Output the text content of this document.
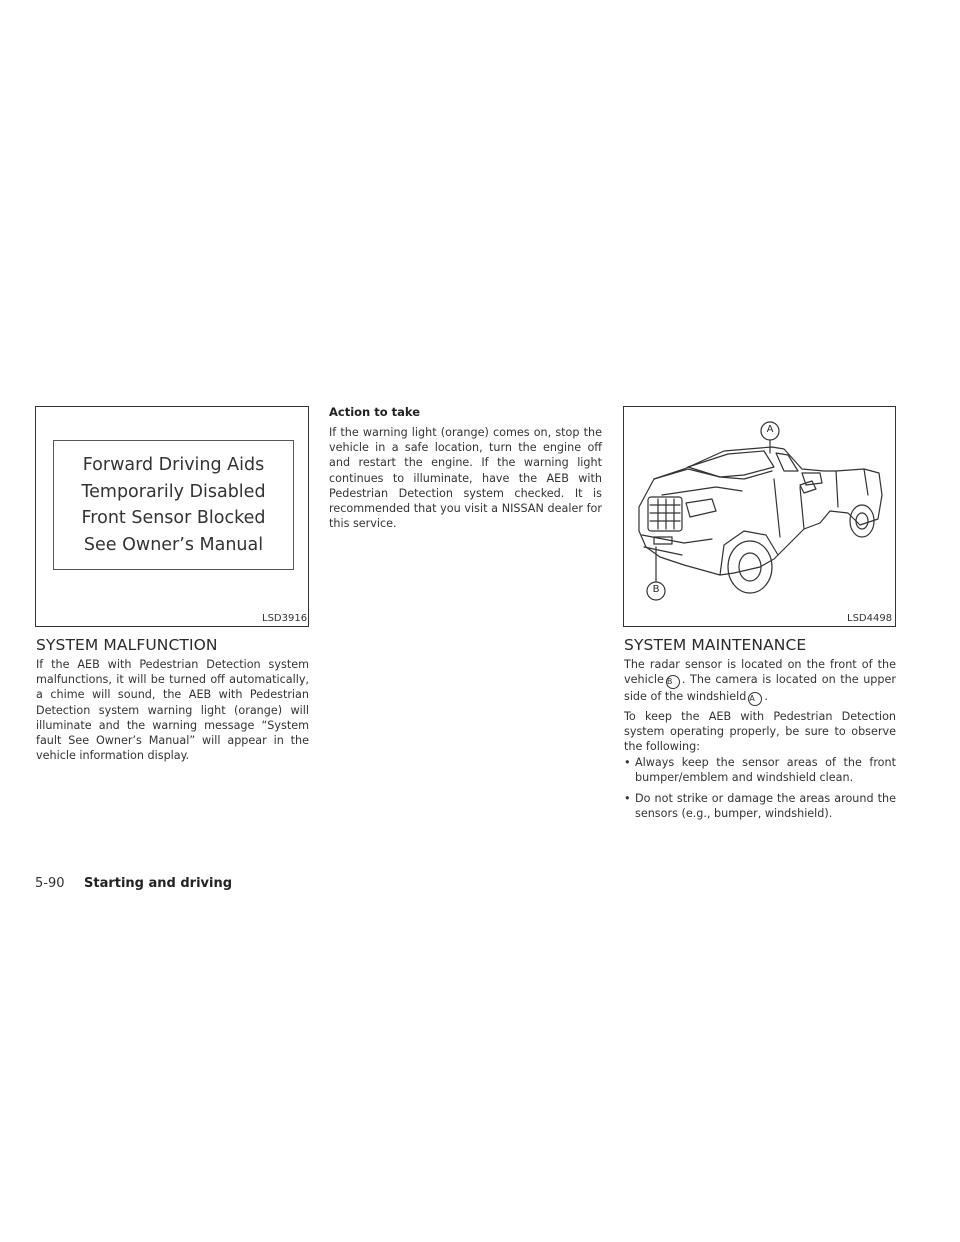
Forward Driving Aids
Temporarily Disabled
Front Sensor Blocked
See Owner’s Manual
LSD3916
A
B
LSD4498
SYSTEM MALFUNCTION
If the AEB with Pedestrian Detection system malfunctions, it will be turned off automatically, a chime will sound, the AEB with Pedestrian Detection system warning light (orange) will illuminate and the warning message “System fault See Owner’s Manual” will appear in the vehicle information display.
Action to take
If the warning light (orange) comes on, stop the vehicle in a safe location, turn the engine off and restart the engine. If the warning light continues to illuminate, have the AEB with Pedestrian Detection system checked. It is recommended that you visit a NISSAN dealer for this service.
SYSTEM MAINTENANCE
The radar sensor is located on the front of the vehicle B . The camera is located on the upper side of the windshield A .
To keep the AEB with Pedestrian Detection system operating properly, be sure to observe the following:
• Always keep the sensor areas of the front bumper/emblem and windshield clean.
• Do not strike or damage the areas around the sensors (e.g., bumper, windshield).
5-90 Starting and driving
